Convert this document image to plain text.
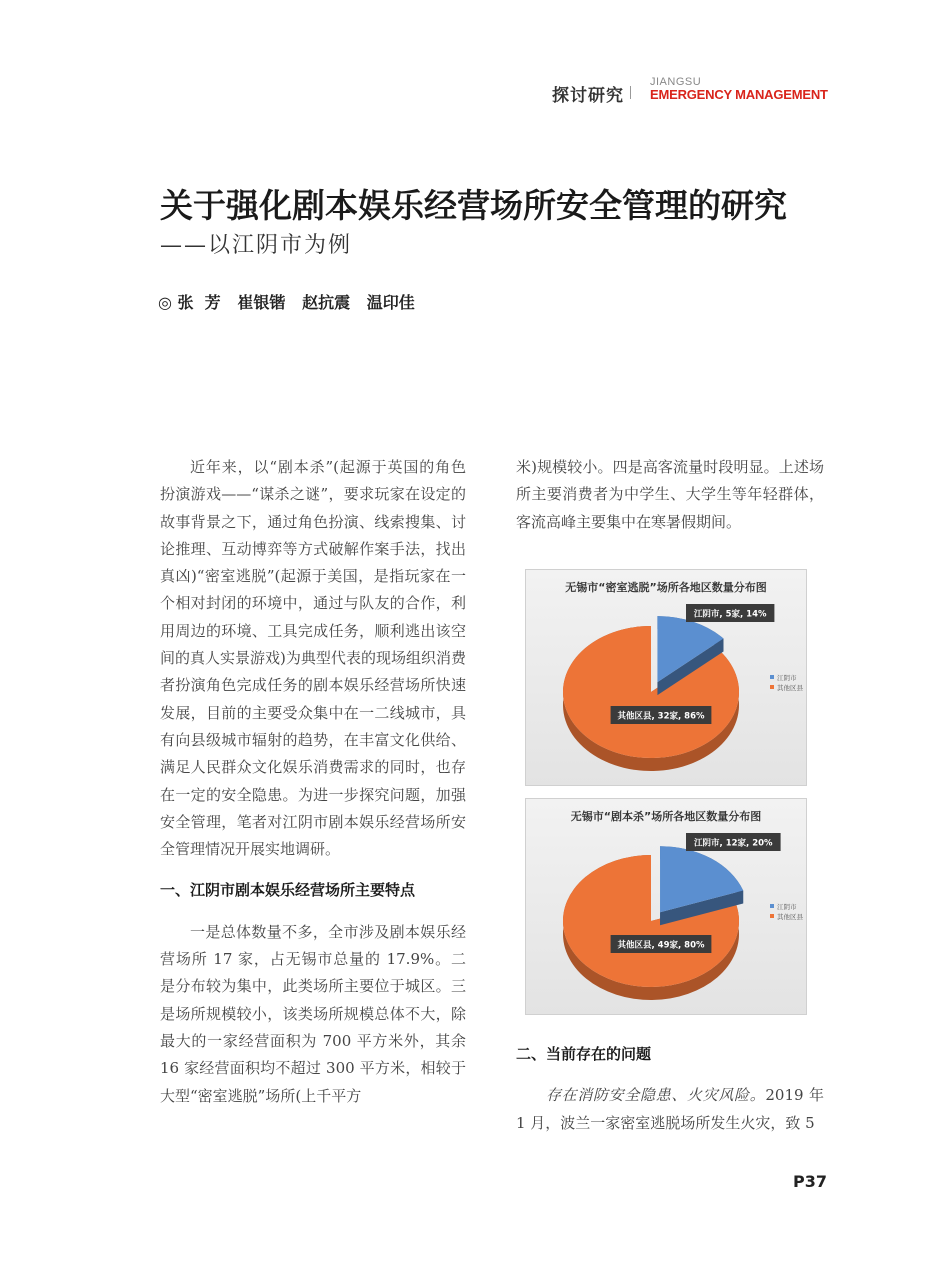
探讨研究
JIANGSU
EMERGENCY MANAGEMENT
关于强化剧本娱乐经营场所安全管理的研究
——以江阴市为例
◎ 张  芳   崔银锴   赵抗震   温印佳

近年来，以“剧本杀”(起源于英国的角色扮演游戏——“谋杀之谜”，要求玩家在设定的故事背景之下，通过角色扮演、线索搜集、讨论推理、互动博弈等方式破解作案手法，找出真凶)“密室逃脱”(起源于美国，是指玩家在一个相对封闭的环境中，通过与队友的合作，利用周边的环境、工具完成任务，顺利逃出该空间的真人实景游戏)为典型代表的现场组织消费者扮演角色完成任务的剧本娱乐经营场所快速发展，目前的主要受众集中在一二线城市，具有向县级城市辐射的趋势，在丰富文化供给、满足人民群众文化娱乐消费需求的同时，也存在一定的安全隐患。为进一步探究问题，加强安全管理，笔者对江阴市剧本娱乐经营场所安全管理情况开展实地调研。

一、江阴市剧本娱乐经营场所主要特点

一是总体数量不多，全市涉及剧本娱乐经营场所 17 家，占无锡市总量的 17.9%。二是分布较为集中，此类场所主要位于城区。三是场所规模较小，该类场所规模总体不大，除最大的一家经营面积为 700 平方米外，其余 16 家经营面积均不超过 300 平方米，相较于大型“密室逃脱”场所(上千平方

米)规模较小。四是高客流量时段明显。上述场所主要消费者为中学生、大学生等年轻群体，客流高峰主要集中在寒暑假期间。

无锡市“密室逃脱”场所各地区数量分布图
江阴市, 5家, 14%
其他区县, 32家, 86%
江阴市
其他区县
无锡市“剧本杀”场所各地区数量分布图
江阴市, 12家, 20%
其他区县, 49家, 80%
江阴市
其他区县

二、当前存在的问题

存在消防安全隐患、火灾风险。2019 年 1 月，波兰一家密室逃脱场所发生火灾，致 5

P37
